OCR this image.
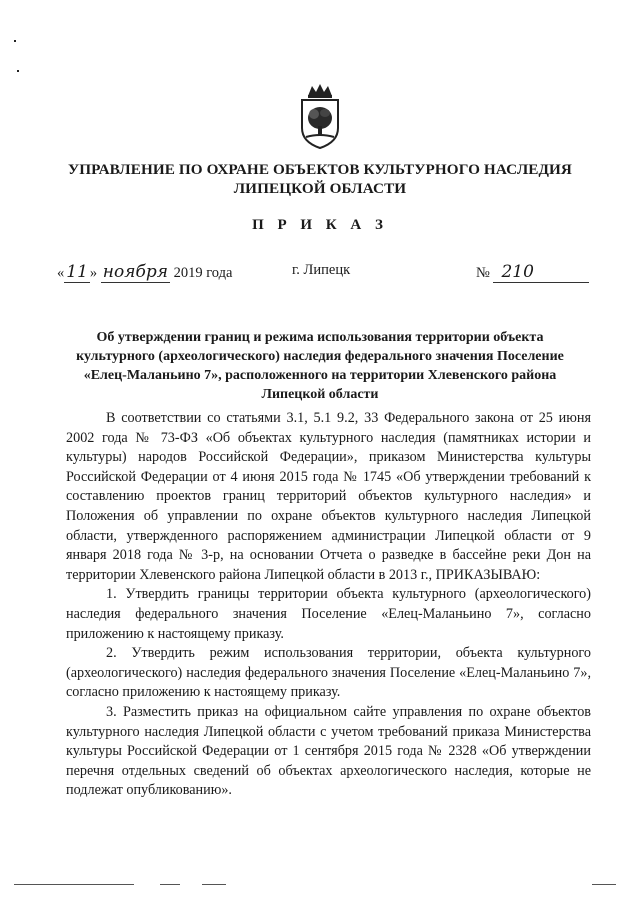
УПРАВЛЕНИЕ ПО ОХРАНЕ ОБЪЕКТОВ КУЛЬТУРНОГО НАСЛЕДИЯ
ЛИПЕЦКОЙ ОБЛАСТИ
П Р И К А З
« 11 » ноября 2019 года	г. Липецк	№ 210
Об утверждении границ и режима использования территории объекта
культурного (археологического) наследия федерального значения Поселение
«Елец-Маланьино 7», расположенного на территории Хлевенского района
Липецкой области

В соответствии со статьями 3.1, 5.1 9.2, 33 Федерального закона от 25 июня 2002 года № 73-ФЗ «Об объектах культурного наследия (памятниках истории и культуры) народов Российской Федерации», приказом Министерства культуры Российской Федерации от 4 июня 2015 года № 1745 «Об утверждении требований к составлению проектов границ территорий объектов культурного наследия» и Положения об управлении по охране объектов культурного наследия Липецкой области, утвержденного распоряжением администрации Липецкой области от 9 января 2018 года № 3-р, на основании Отчета о разведке в бассейне реки Дон на территории Хлевенского района Липецкой области в 2013 г., ПРИКАЗЫВАЮ:

1. Утвердить границы территории объекта культурного (археологического) наследия федерального значения Поселение «Елец-Маланьино 7», согласно приложению к настоящему приказу.

2. Утвердить режим использования территории, объекта культурного (археологического) наследия федерального значения Поселение «Елец-Маланьино 7», согласно приложению к настоящему приказу.

3. Разместить приказ на официальном сайте управления по охране объектов культурного наследия Липецкой области с учетом требований приказа Министерства культуры Российской Федерации от 1 сентября 2015 года № 2328 «Об утверждении перечня отдельных сведений об объектах археологического наследия, которые не подлежат опубликованию».
